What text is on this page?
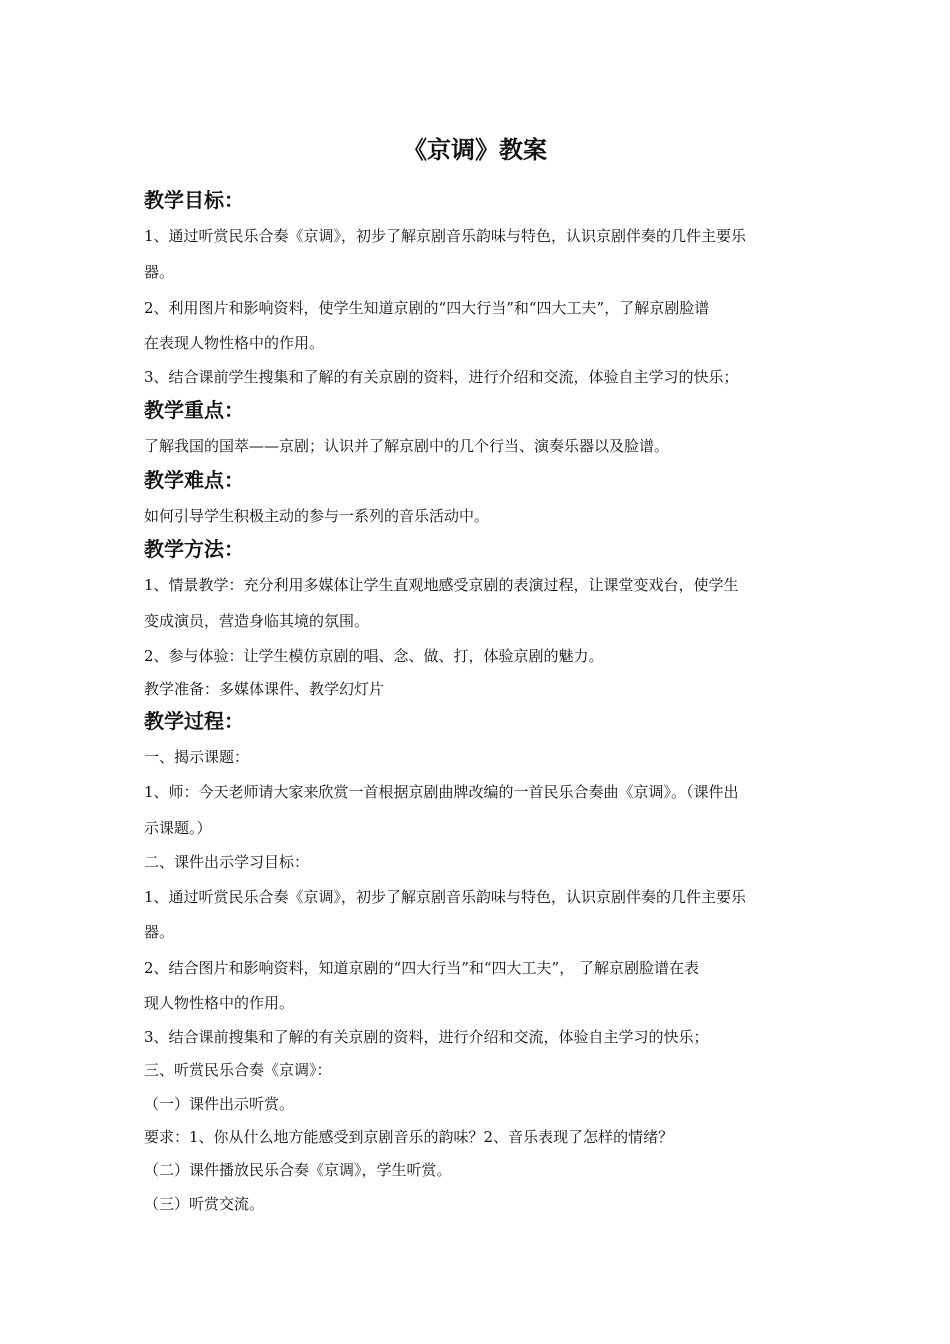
《京调》教案
教学目标：
1、通过听赏民乐合奏《京调》，初步了解京剧音乐韵味与特色，认识京剧伴奏的几件主要乐
器。
2、利用图片和影响资料，使学生知道京剧的“四大行当”和“四大工夫”，了解京剧脸谱
在表现人物性格中的作用。
3、结合课前学生搜集和了解的有关京剧的资料，进行介绍和交流，体验自主学习的快乐；
教学重点：
了解我国的国萃——京剧；认识并了解京剧中的几个行当、演奏乐器以及脸谱。
教学难点：
如何引导学生积极主动的参与一系列的音乐活动中。
教学方法：
1、情景教学：充分利用多媒体让学生直观地感受京剧的表演过程，让课堂变戏台，使学生
变成演员，营造身临其境的氛围。
2、参与体验：让学生模仿京剧的唱、念、做、打，体验京剧的魅力。
教学准备：多媒体课件、教学幻灯片
教学过程：
一、揭示课题：
1、师：今天老师请大家来欣赏一首根据京剧曲牌改编的一首民乐合奏曲《京调》。（课件出
示课题。）
二、课件出示学习目标：
1、通过听赏民乐合奏《京调》，初步了解京剧音乐韵味与特色，认识京剧伴奏的几件主要乐
器。
2、结合图片和影响资料，知道京剧的“四大行当”和“四大工夫”， 了解京剧脸谱在表
现人物性格中的作用。
3、结合课前搜集和了解的有关京剧的资料，进行介绍和交流，体验自主学习的快乐；
三、听赏民乐合奏《京调》：
（一）课件出示听赏。
要求：1、你从什么地方能感受到京剧音乐的韵味？2、音乐表现了怎样的情绪？
（二）课件播放民乐合奏《京调》，学生听赏。
（三）听赏交流。
